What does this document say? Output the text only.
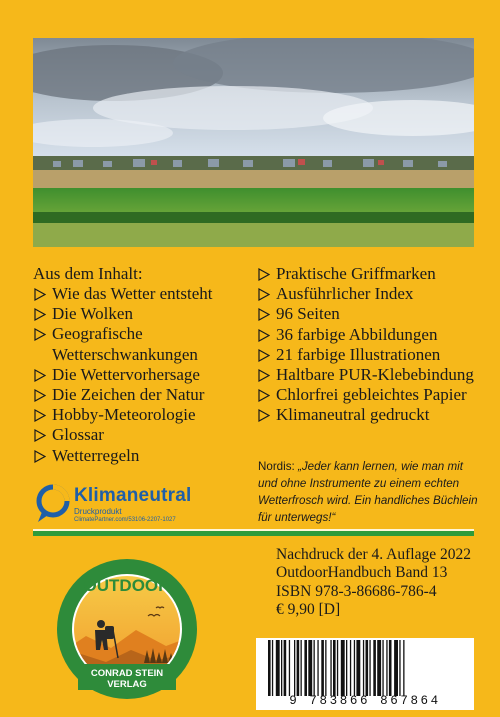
Aus dem Inhalt:
Wie das Wetter entsteht
Die Wolken
Geografische
Wetterschwankungen
Die Wettervorhersage
Die Zeichen der Natur
Hobby-Meteorologie
Glossar
Wetterregeln
Praktische Griffmarken
Ausführlicher Index
96 Seiten
36 farbige Abbildungen
21 farbige Illustrationen
Haltbare PUR-Klebebindung
Chlorfrei gebleichtes Papier
Klimaneutral gedruckt
Nordis: „Jeder kann lernen, wie man mit und ohne Instrumente zu einem echten Wetterfrosch wird. Ein handliches Büchlein für unterwegs!“
Klimaneutral
Druckprodukt
ClimatePartner.com/53106-2207-1027
OUTDOOR
CONRAD STEIN
VERLAG
Nachdruck der 4. Auflage 2022
OutdoorHandbuch Band 13
ISBN 978-3-86686-786-4
€ 9,90 [D]
9 783866 867864
